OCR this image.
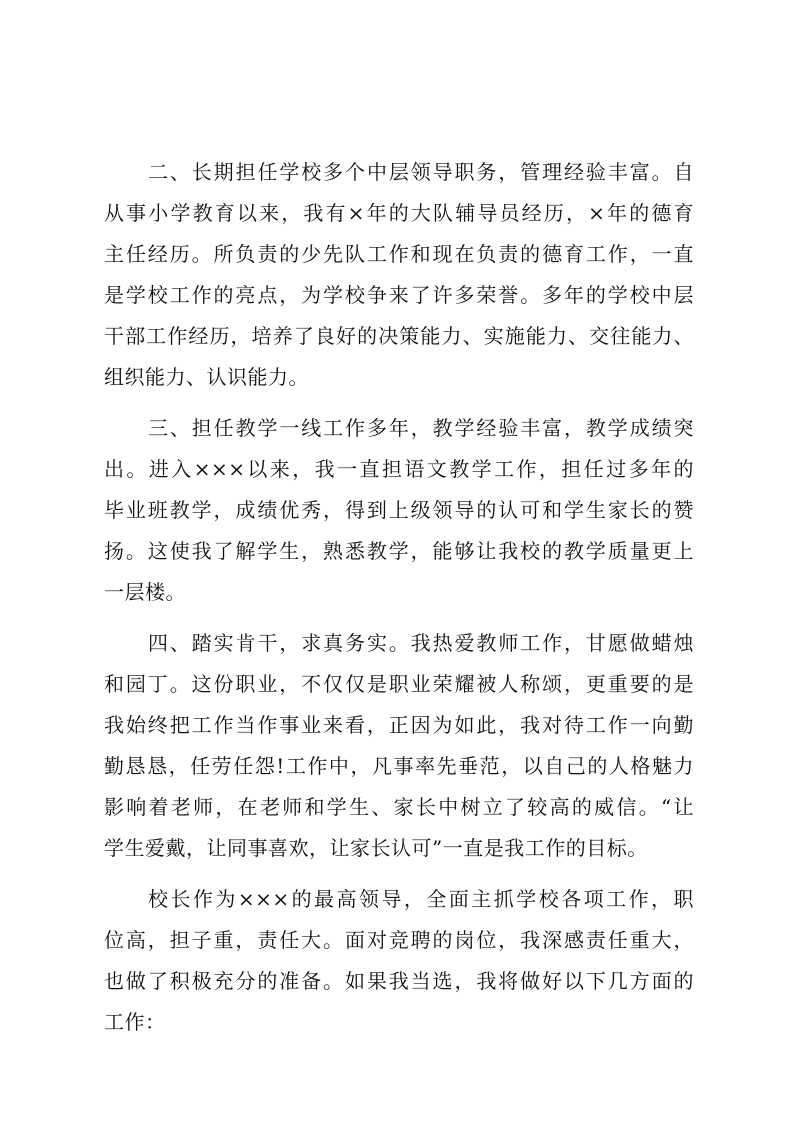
二、长期担任学校多个中层领导职务，管理经验丰富。自
从事小学教育以来，我有×年的大队辅导员经历，×年的德育
主任经历。所负责的少先队工作和现在负责的德育工作，一直
是学校工作的亮点，为学校争来了许多荣誉。多年的学校中层
干部工作经历，培养了良好的决策能力、实施能力、交往能力、
组织能力、认识能力。
三、担任教学一线工作多年，教学经验丰富，教学成绩突
出。进入×××以来，我一直担语文教学工作，担任过多年的
毕业班教学，成绩优秀，得到上级领导的认可和学生家长的赞
扬。这使我了解学生，熟悉教学，能够让我校的教学质量更上
一层楼。
四、踏实肯干，求真务实。我热爱教师工作，甘愿做蜡烛
和园丁。这份职业，不仅仅是职业荣耀被人称颂，更重要的是
我始终把工作当作事业来看，正因为如此，我对待工作一向勤
勤恳恳，任劳任怨!工作中，凡事率先垂范，以自己的人格魅力
影响着老师，在老师和学生、家长中树立了较高的威信。“让
学生爱戴，让同事喜欢，让家长认可”一直是我工作的目标。
校长作为×××的最高领导，全面主抓学校各项工作，职
位高，担子重，责任大。面对竞聘的岗位，我深感责任重大，
也做了积极充分的准备。如果我当选，我将做好以下几方面的
工作：
